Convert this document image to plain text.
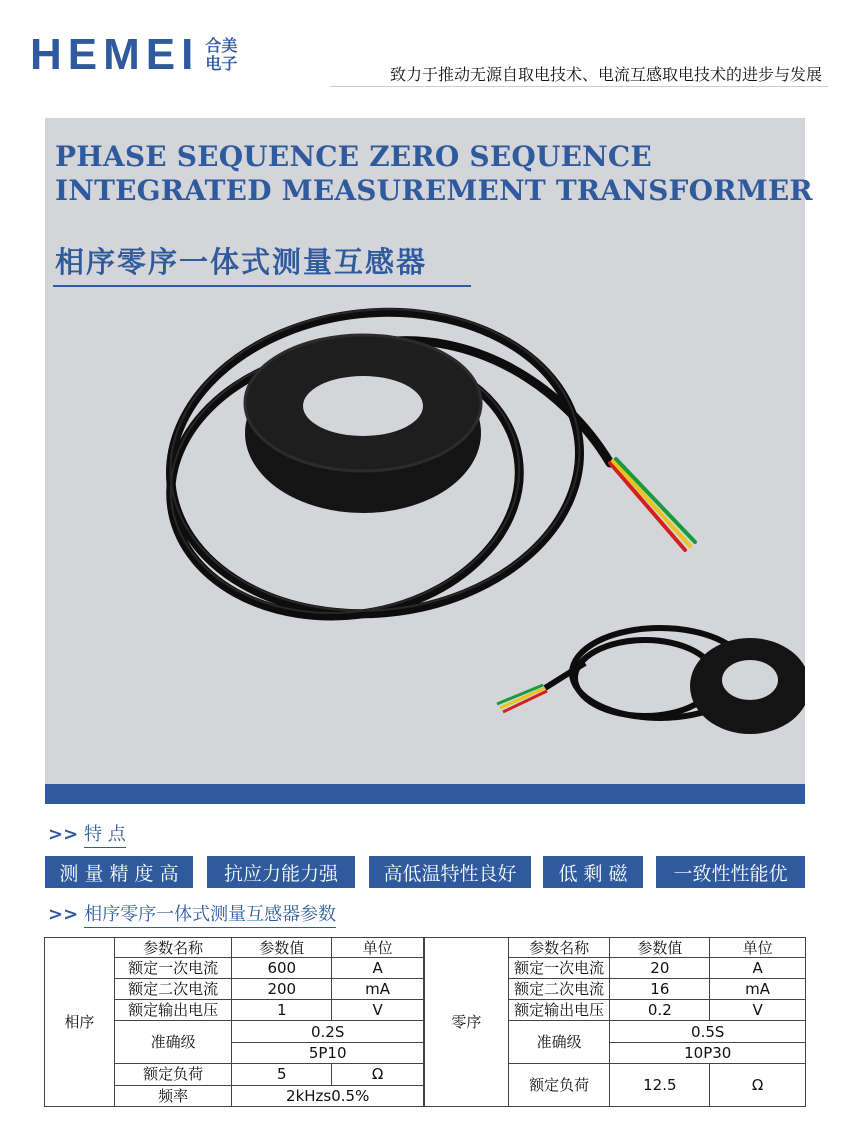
HEMEI 合美
电子
致力于推动无源自取电技术、电流互感取电技术的进步与发展
PHASE SEQUENCE ZERO SEQUENCE
INTEGRATED MEASUREMENT TRANSFORMER
相序零序一体式测量互感器
>> 特 点
测 量 精 度 高	抗应力能力强	高低温特性良好	低 剩 磁	一致性性能优
>> 相序零序一体式测量互感器参数
相序	参数名称	参数值	单位
	额定一次电流	600	A
	额定二次电流	200	mA
	额定输出电压	1	V
	准确级	0.2S	
		5P10	
	额定负荷	5	Ω
	频率	2kHzs0.5%	
零序	参数名称	参数值	单位
	额定一次电流	20	A
	额定二次电流	16	mA
	额定输出电压	0.2	V
	准确级	0.5S	
		10P30	
	额定负荷	12.5	Ω
